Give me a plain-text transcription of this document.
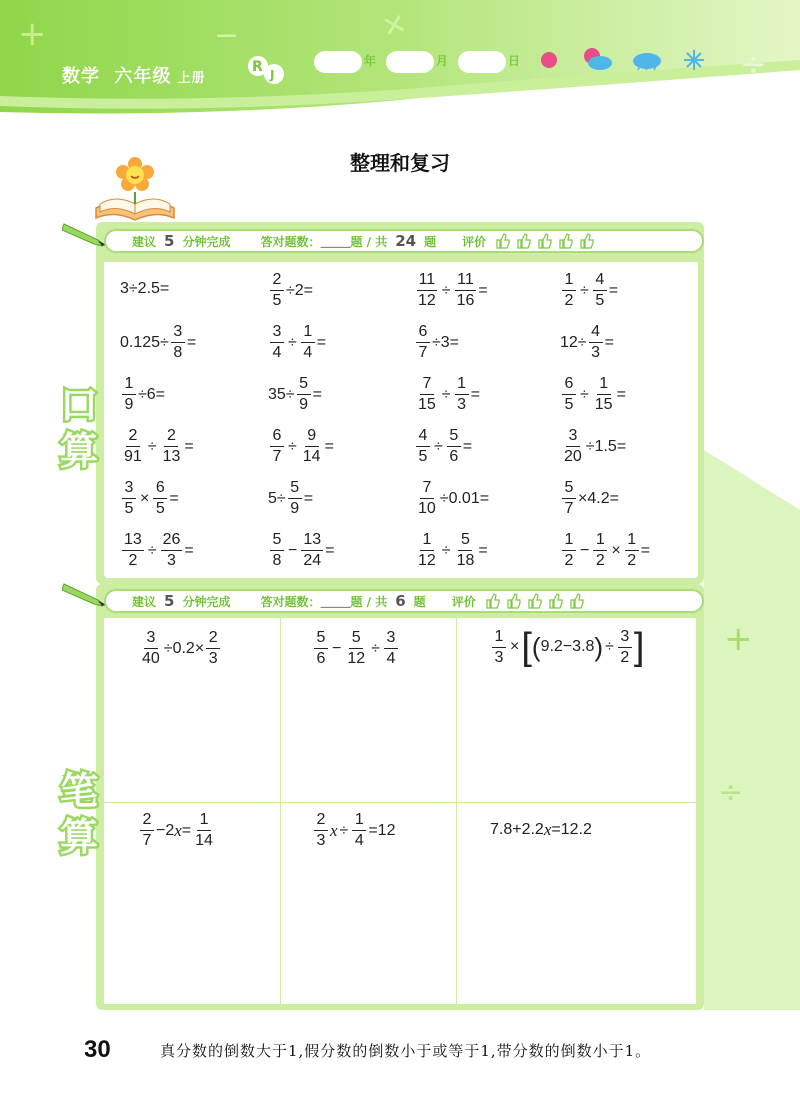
+	−	+
÷
数学 六年级 上册
R J
年	月	日
整理和复习
建议 5 分钟完成	答对题数： _____ 题 / 共 24 题 评价
口
算
3÷2.5=	$\frac{2}{5} \div 2=$	$\frac{11}{12} \div \frac{11}{16}$ =	$\frac{1}{2} \div \frac{4}{5}$ =
$0.125\div \frac{3}{8}$ =	$\frac{3}{4} \div \frac{1}{4}$ =	$\frac{6}{7} \div 3=$	$12\div \frac{4}{3}$ =
$\frac{1}{9} \div 6=$	$35\div \frac{5}{9}$ =	$\frac{7}{15} \div \frac{1}{3}$ =	$\frac{6}{5} \div \frac{1}{15}$ =
$\frac{2}{91} \div \frac{2}{13}$ =	$\frac{6}{7} \div \frac{9}{14}$ =	$\frac{4}{5} \div \frac{5}{6}$ =	$\frac{3}{20} \div 1.5=$
$\frac{3}{5} \times \frac{6}{5}$ =	$5\div \frac{5}{9}$ =	$\frac{7}{10} \div 0.01=$	$\frac{5}{7} \times 4.2=$
$\frac{13}{2} \div \frac{26}{3}$ =	$\frac{5}{8} - \frac{13}{24}$ =	$\frac{1}{12} \div \frac{5}{18}$ =	$\frac{1}{2} - \frac{1}{2} \times \frac{1}{2}$ =
+
÷
建议 5 分钟完成	答对题数： _____ 题 / 共 6 题 评价
笔
算
$\frac{3}{40} \div 0.2\times \frac{2}{3}$	$\frac{5}{6} - \frac{5}{12} \div \frac{3}{4}$	$\frac{1}{3}$ × [ ( 9.2−3.8 ) ÷ $\frac{3}{2}$ ]
$\frac{2}{7} -2$ $x = \frac{1}{14}$	$\frac{2}{3}$ $x \div \frac{1}{4} =12$	7.8+2.2 x =12.2
30	真分数的倒数大于1,假分数的倒数小于或等于1,带分数的倒数小于1。
